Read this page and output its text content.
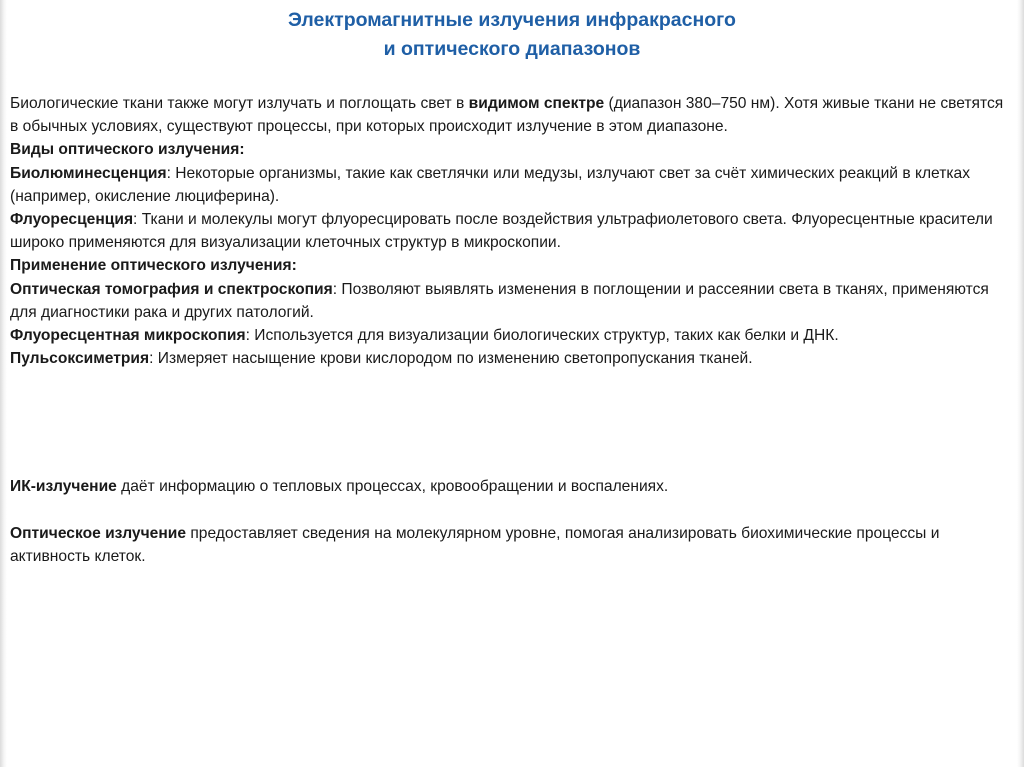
Электромагнитные излучения инфракрасного
и оптического диапазонов

Биологические ткани также могут излучать и поглощать свет в видимом спектре (диапазон 380–750 нм). Хотя живые ткани не светятся в обычных условиях, существуют процессы, при которых происходит излучение в этом диапазоне.

Виды оптического излучения:

Биолюминесценция: Некоторые организмы, такие как светлячки или медузы, излучают свет за счёт химических реакций в клетках (например, окисление люциферина).

Флуоресценция: Ткани и молекулы могут флуоресцировать после воздействия ультрафиолетового света. Флуоресцентные красители широко применяются для визуализации клеточных структур в микроскопии.

Применение оптического излучения:

Оптическая томография и спектроскопия: Позволяют выявлять изменения в поглощении и рассеянии света в тканях, применяются для диагностики рака и других патологий.

Флуоресцентная микроскопия: Используется для визуализации биологических структур, таких как белки и ДНК.

Пульсоксиметрия: Измеряет насыщение крови кислородом по изменению светопропускания тканей.

ИК-излучение даёт информацию о тепловых процессах, кровообращении и воспалениях.

Оптическое излучение предоставляет сведения на молекулярном уровне, помогая анализировать биохимические процессы и активность клеток.
